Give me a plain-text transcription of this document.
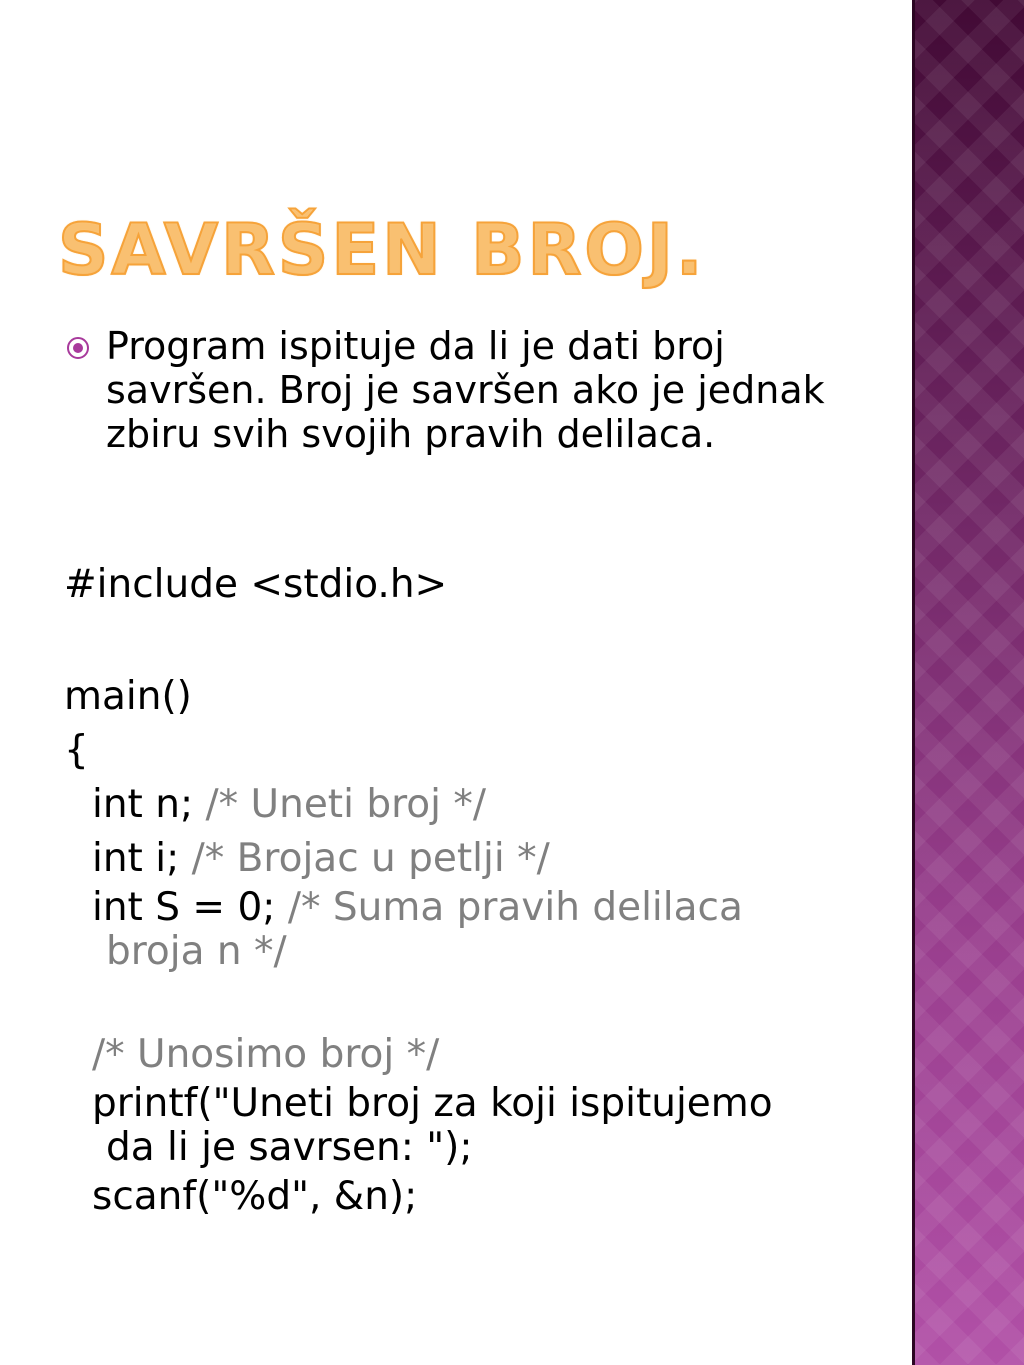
SAVRŠEN BROJ.

Program ispituje da li je dati broj savršen. Broj je savršen ako je jednak zbiru svih svojih pravih delilaca.

#include <stdio.h>

main()

{

int n; /* Uneti broj */

int i; /* Brojac u petlji */

int S = 0; /* Suma pravih delilaca

broja n */

/* Unosimo broj */

printf("Uneti broj za koji ispitujemo

da li je savrsen: ");

scanf("%d", &n);
